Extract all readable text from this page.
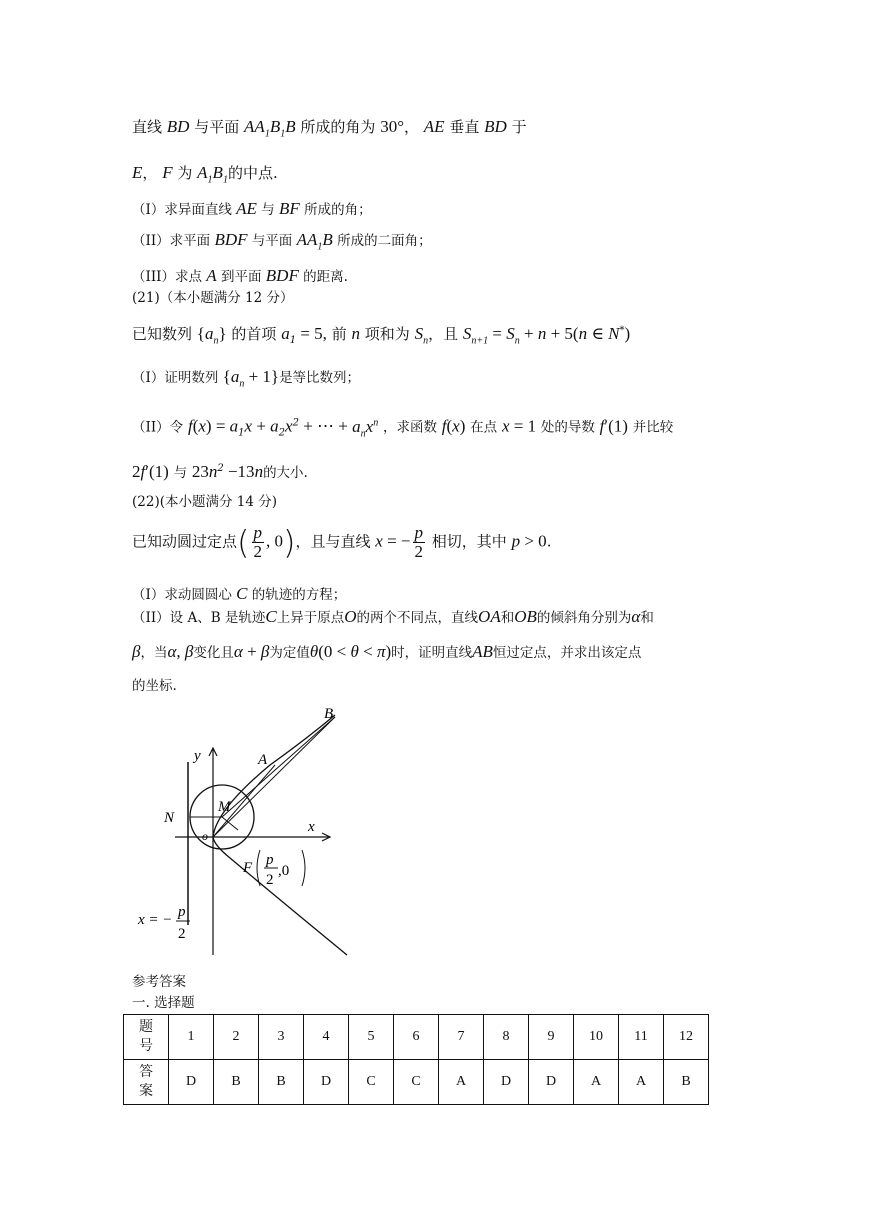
直线 BD 与平面 $AA_1B_1B$ 所成的角为 30°， AE 垂直 BD 于
E， F 为 $A_1B_1$的中点.
（I）求异面直线 AE 与 BF 所成的角；
（II）求平面 BDF 与平面 $AA_1B$ 所成的二面角；
（III）求点 A 到平面 BDF 的距离.
(21)（本小题满分 12 分）
已知数列 $\{a_n\}$ 的首项 $a_1 = 5$, 前 n 项和为 $S_n$，且 $S_{n+1} = S_n + n + 5(n$ ∈ N*)
（I）证明数列 $\{a_n + 1\}$是等比数列；
（II）令 $f(x) = a_1x + a_2x^2$ + ⋯ + $a_nx^n$ ，求函数 f(x) 在点 x = 1 处的导数 f′(1) 并比较
2f′(1) 与 $23n^2 -13n$的大小.
(22)(本小题满分 14 分)
已知动圆过定点( $\frac{p}{2}$ , 0)，且与直线 x = − $\frac{p}{2}$ 相切，其中 p > 0.
（I）求动圆圆心 C 的轨迹的方程；
（II）设 A、B 是轨迹C上异于原点O的两个不同点，直线OA和OB的倾斜角分别为α和
β，当α, β变化且α + β为定值θ(0 < θ < π)时，证明直线AB恒过定点，并求出该定点
的坐标.
B
A
y
M
N
o
x
F p
2
,0
x = − p
2
参考答案
一. 选择题
题
号	1	2	3	4	5	6	7	8	9	10	11	12
答
案	D	B	B	D	C	C	A	D	D	A	A	B
